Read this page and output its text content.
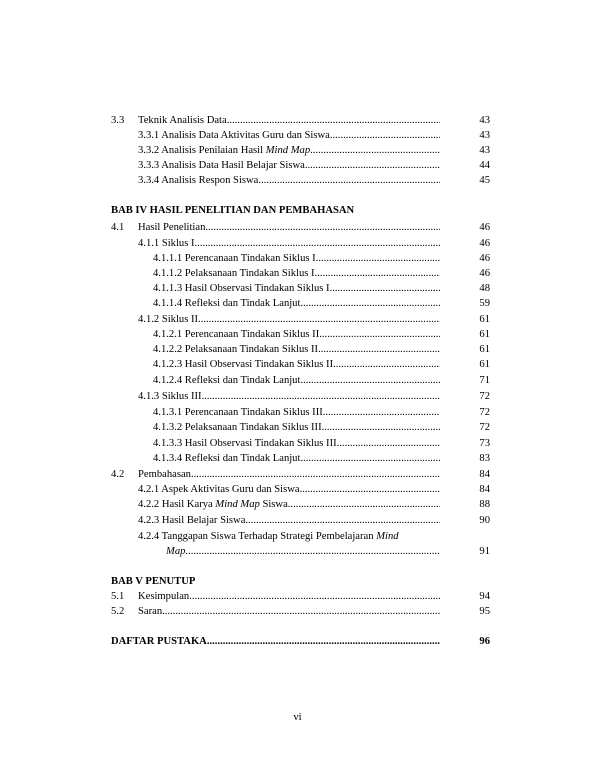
3.3 Teknik Analisis Data .....	43
3.3.1 Analisis Data Aktivitas Guru dan Siswa .....	43
3.3.2 Analisis Penilaian Hasil Mind Map .....	43
3.3.3 Analisis Data Hasil Belajar Siswa .....	44
3.3.4 Analisis Respon Siswa .....	45
BAB IV HASIL PENELITIAN DAN PEMBAHASAN
4.1 Hasil Penelitian .....	46
4.1.1 Siklus I .....	46
4.1.1.1 Perencanaan Tindakan Siklus I .....	46
4.1.1.2 Pelaksanaan Tindakan Siklus I .....	46
4.1.1.3 Hasil Observasi Tindakan Siklus I .....	48
4.1.1.4 Refleksi dan Tindak Lanjut .....	59
4.1.2 Siklus II .....	61
4.1.2.1 Perencanaan Tindakan Siklus II .....	61
4.1.2.2 Pelaksanaan Tindakan Siklus II .....	61
4.1.2.3 Hasil Observasi Tindakan Siklus II .....	61
4.1.2.4 Refleksi dan Tindak Lanjut .....	71
4.1.3 Siklus III .....	72
4.1.3.1 Perencanaan Tindakan Siklus III .....	72
4.1.3.2 Pelaksanaan Tindakan Siklus III .....	72
4.1.3.3 Hasil Observasi Tindakan Siklus III .....	73
4.1.3.4 Refleksi dan Tindak Lanjut .....	83
4.2 Pembahasan .....	84
4.2.1 Aspek Aktivitas Guru dan Siswa .....	84
4.2.2 Hasil Karya Mind Map Siswa .....	88
4.2.3 Hasil Belajar Siswa .....	90
4.2.4 Tanggapan Siswa Terhadap Strategi Pembelajaran Mind
Map .....	91
BAB V PENUTUP
5.1 Kesimpulan .....	94
5.2 Saran .....	95
DAFTAR PUSTAKA .....	96
vi
